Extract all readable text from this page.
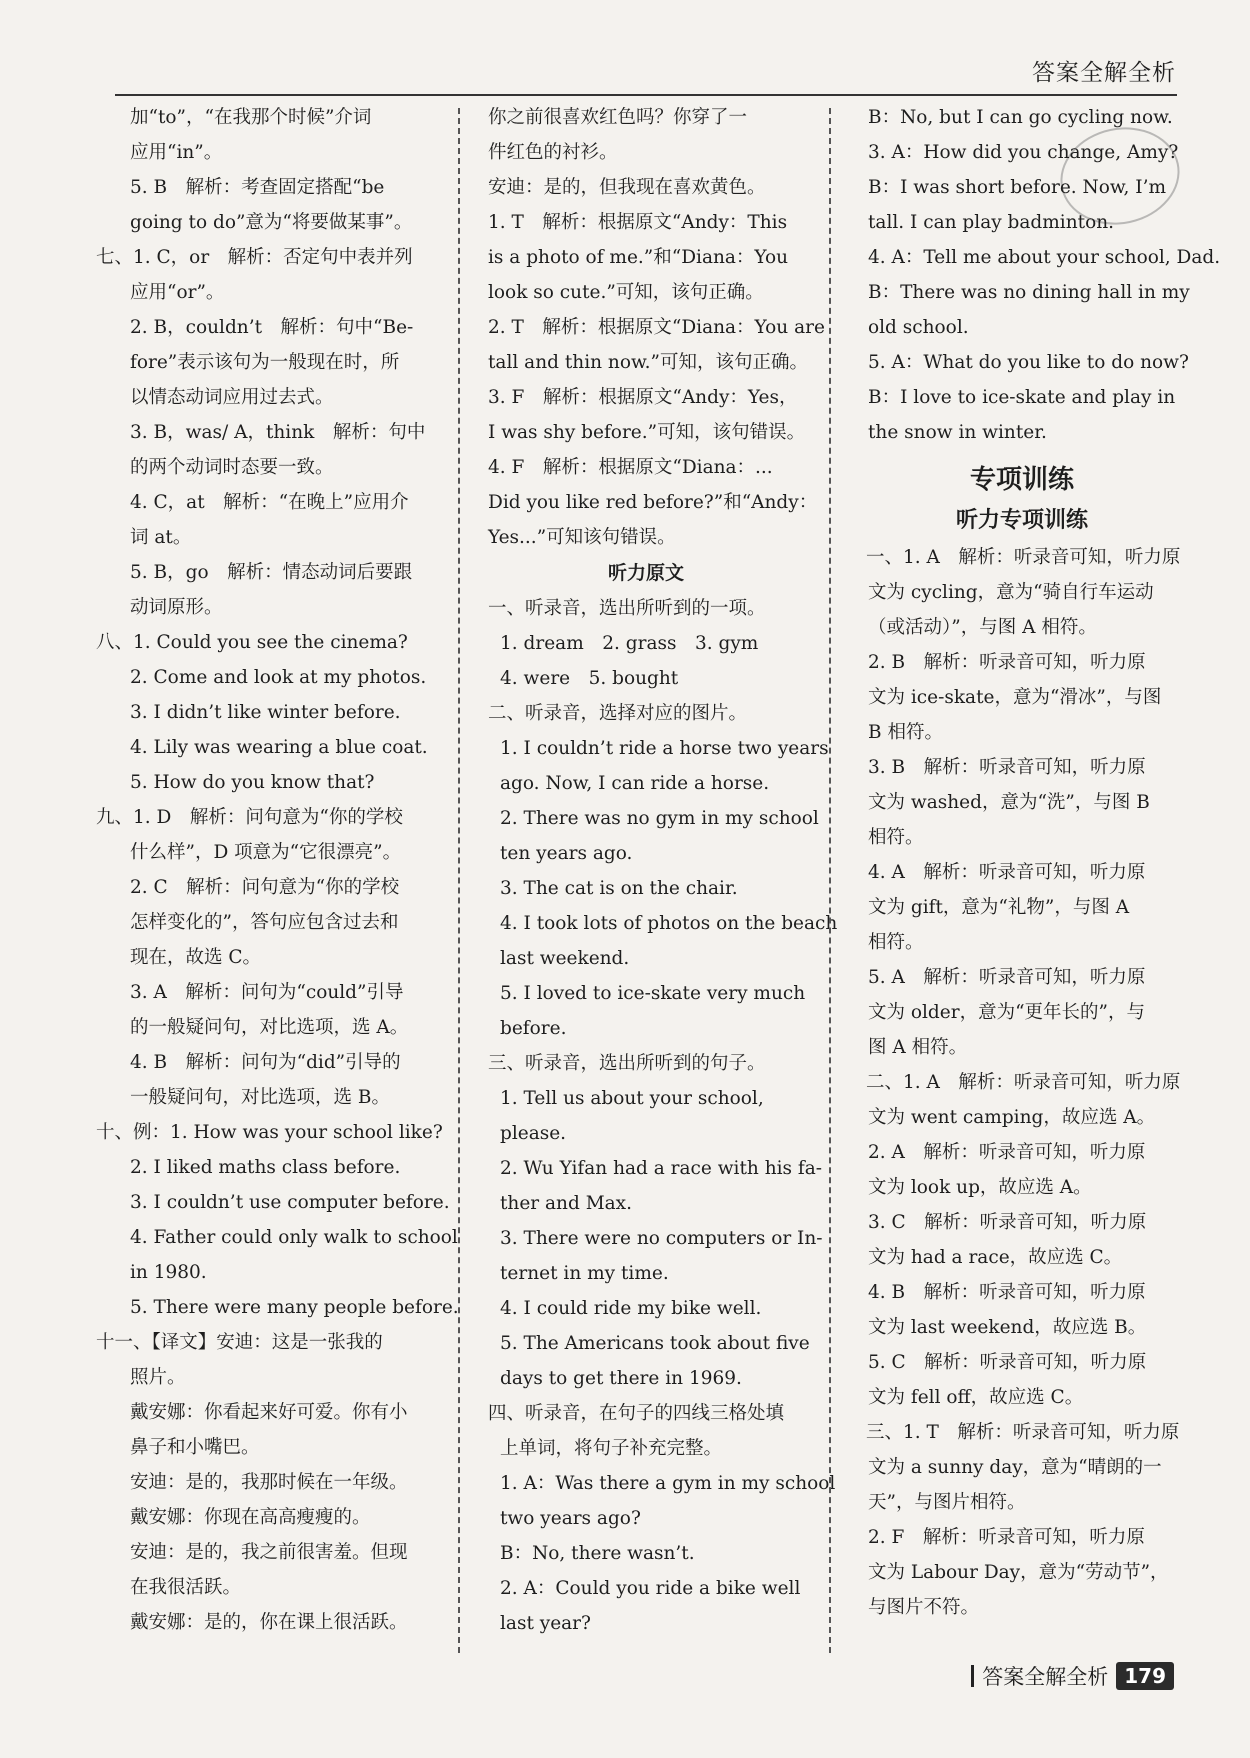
答案全解全析
加“to”，“在我那个时候”介词
应用“in”。
5. B　解析：考查固定搭配“be
going to do”意为“将要做某事”。
七、1. C，or　解析：否定句中表并列
应用“or”。
2. B，couldn’t　解析：句中“Be-
fore”表示该句为一般现在时，所
以情态动词应用过去式。
3. B，was/ A，think　解析：句中
的两个动词时态要一致。
4. C，at　解析：“在晚上”应用介
词 at。
5. B，go　解析：情态动词后要跟
动词原形。
八、1. Could you see the cinema?
2. Come and look at my photos.
3. I didn’t like winter before.
4. Lily was wearing a blue coat.
5. How do you know that?
九、1. D　解析：问句意为“你的学校
什么样”，D 项意为“它很漂亮”。
2. C　解析：问句意为“你的学校
怎样变化的”，答句应包含过去和
现在，故选 C。
3. A　解析：问句为“could”引导
的一般疑问句，对比选项，选 A。
4. B　解析：问句为“did”引导的
一般疑问句，对比选项，选 B。
十、例：1. How was your school like?
2. I liked maths class before.
3. I couldn’t use computer before.
4. Father could only walk to school
in 1980.
5. There were many people before.
十一、【译文】安迪：这是一张我的
照片。
戴安娜：你看起来好可爱。你有小
鼻子和小嘴巴。
安迪：是的，我那时候在一年级。
戴安娜：你现在高高瘦瘦的。
安迪：是的，我之前很害羞。但现
在我很活跃。
戴安娜：是的，你在课上很活跃。
你之前很喜欢红色吗？你穿了一
件红色的衬衫。
安迪：是的，但我现在喜欢黄色。
1. T　解析：根据原文“Andy：This
is a photo of me.”和“Diana：You
look so cute.”可知，该句正确。
2. T　解析：根据原文“Diana：You are
tall and thin now.”可知，该句正确。
3. F　解析：根据原文“Andy：Yes，
I was shy before.”可知，该句错误。
4. F　解析：根据原文“Diana：...
Did you like red before?”和“Andy：
Yes...”可知该句错误。
听力原文
一、听录音，选出所听到的一项。
1. dream　2. grass　3. gym
4. were　5. bought
二、听录音，选择对应的图片。
1. I couldn’t ride a horse two years
ago. Now, I can ride a horse.
2. There was no gym in my school
ten years ago.
3. The cat is on the chair.
4. I took lots of photos on the beach
last weekend.
5. I loved to ice-skate very much
before.
三、听录音，选出所听到的句子。
1. Tell us about your school,
please.
2. Wu Yifan had a race with his fa-
ther and Max.
3. There were no computers or In-
ternet in my time.
4. I could ride my bike well.
5. The Americans took about five
days to get there in 1969.
四、听录音，在句子的四线三格处填
上单词，将句子补充完整。
1. A：Was there a gym in my school
two years ago?
B：No, there wasn’t.
2. A：Could you ride a bike well
last year?
B：No, but I can go cycling now.
3. A：How did you change, Amy?
B：I was short before. Now, I’m
tall. I can play badminton.
4. A：Tell me about your school, Dad.
B：There was no dining hall in my
old school.
5. A：What do you like to do now?
B：I love to ice-skate and play in
the snow in winter.
专项训练
听力专项训练
一、1. A　解析：听录音可知，听力原
文为 cycling，意为“骑自行车运动
（或活动）”，与图 A 相符。
2. B　解析：听录音可知，听力原
文为 ice-skate，意为“滑冰”，与图
B 相符。
3. B　解析：听录音可知，听力原
文为 washed，意为“洗”，与图 B
相符。
4. A　解析：听录音可知，听力原
文为 gift，意为“礼物”，与图 A
相符。
5. A　解析：听录音可知，听力原
文为 older，意为“更年长的”，与
图 A 相符。
二、1. A　解析：听录音可知，听力原
文为 went camping，故应选 A。
2. A　解析：听录音可知，听力原
文为 look up，故应选 A。
3. C　解析：听录音可知，听力原
文为 had a race，故应选 C。
4. B　解析：听录音可知，听力原
文为 last weekend，故应选 B。
5. C　解析：听录音可知，听力原
文为 fell off，故应选 C。
三、1. T　解析：听录音可知，听力原
文为 a sunny day，意为“晴朗的一
天”，与图片相符。
2. F　解析：听录音可知，听力原
文为 Labour Day，意为“劳动节”，
与图片不符。
答案全解全析 179
